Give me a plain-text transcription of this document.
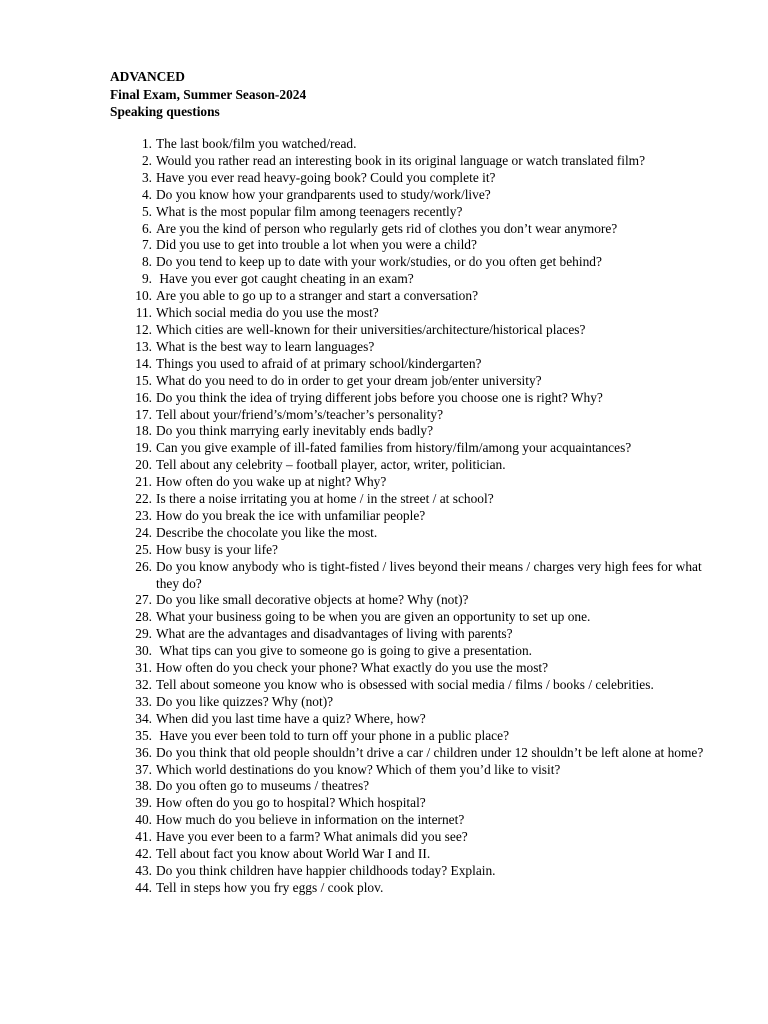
ADVANCED
Final Exam, Summer Season-2024
Speaking questions
1. The last book/film you watched/read.
2. Would you rather read an interesting book in its original language or watch translated film?
3. Have you ever read heavy-going book? Could you complete it?
4. Do you know how your grandparents used to study/work/live?
5. What is the most popular film among teenagers recently?
6. Are you the kind of person who regularly gets rid of clothes you don’t wear anymore?
7. Did you use to get into trouble a lot when you were a child?
8. Do you tend to keep up to date with your work/studies, or do you often get behind?
9. Have you ever got caught cheating in an exam?
10. Are you able to go up to a stranger and start a conversation?
11. Which social media do you use the most?
12. Which cities are well-known for their universities/architecture/historical places?
13. What is the best way to learn languages?
14. Things you used to afraid of at primary school/kindergarten?
15. What do you need to do in order to get your dream job/enter university?
16. Do you think the idea of trying different jobs before you choose one is right? Why?
17. Tell about your/friend’s/mom’s/teacher’s personality?
18. Do you think marrying early inevitably ends badly?
19. Can you give example of ill-fated families from history/film/among your acquaintances?
20. Tell about any celebrity – football player, actor, writer, politician.
21. How often do you wake up at night? Why?
22. Is there a noise irritating you at home / in the street / at school?
23. How do you break the ice with unfamiliar people?
24. Describe the chocolate you like the most.
25. How busy is your life?
26. Do you know anybody who is tight-fisted / lives beyond their means / charges very high fees for what they do?
27. Do you like small decorative objects at home? Why (not)?
28. What your business going to be when you are given an opportunity to set up one.
29. What are the advantages and disadvantages of living with parents?
30. What tips can you give to someone go is going to give a presentation.
31. How often do you check your phone? What exactly do you use the most?
32. Tell about someone you know who is obsessed with social media / films / books / celebrities.
33. Do you like quizzes? Why (not)?
34. When did you last time have a quiz? Where, how?
35. Have you ever been told to turn off your phone in a public place?
36. Do you think that old people shouldn’t drive a car / children under 12 shouldn’t be left alone at home?
37. Which world destinations do you know? Which of them you’d like to visit?
38. Do you often go to museums / theatres?
39. How often do you go to hospital? Which hospital?
40. How much do you believe in information on the internet?
41. Have you ever been to a farm? What animals did you see?
42. Tell about fact you know about World War I and II.
43. Do you think children have happier childhoods today? Explain.
44. Tell in steps how you fry eggs / cook plov.
